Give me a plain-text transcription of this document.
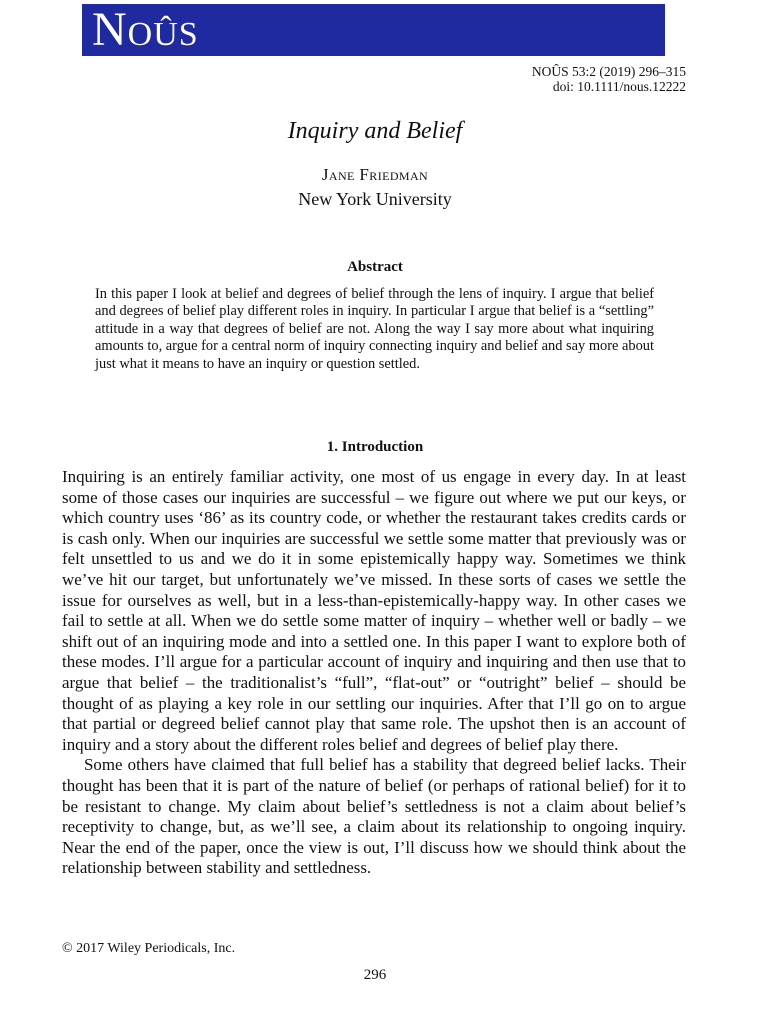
Noûs
NOÛS 53:2 (2019) 296–315
doi: 10.1111/nous.12222
Inquiry and Belief
Jane Friedman
New York University
Abstract
In this paper I look at belief and degrees of belief through the lens of inquiry. I argue that belief and degrees of belief play different roles in inquiry. In particular I argue that belief is a “settling” attitude in a way that degrees of belief are not. Along the way I say more about what inquiring amounts to, argue for a central norm of inquiry connecting inquiry and belief and say more about just what it means to have an inquiry or question settled.
1. Introduction

Inquiring is an entirely familiar activity, one most of us engage in every day. In at least some of those cases our inquiries are successful – we figure out where we put our keys, or which country uses ‘86’ as its country code, or whether the restaurant takes credits cards or is cash only. When our inquiries are successful we settle some matter that previously was or felt unsettled to us and we do it in some epistemically happy way. Sometimes we think we’ve hit our target, but unfortunately we’ve missed. In these sorts of cases we settle the issue for ourselves as well, but in a less-than-epistemically-happy way. In other cases we fail to settle at all. When we do settle some matter of inquiry – whether well or badly – we shift out of an inquiring mode and into a settled one. In this paper I want to explore both of these modes. I’ll argue for a particular account of inquiry and inquiring and then use that to argue that belief – the traditionalist’s “full”, “flat-out” or “outright” belief – should be thought of as playing a key role in our settling our inquiries. After that I’ll go on to argue that partial or degreed belief cannot play that same role. The upshot then is an account of inquiry and a story about the different roles belief and degrees of belief play there.

Some others have claimed that full belief has a stability that degreed belief lacks. Their thought has been that it is part of the nature of belief (or perhaps of rational belief) for it to be resistant to change. My claim about belief’s settledness is not a claim about belief’s receptivity to change, but, as we’ll see, a claim about its relationship to ongoing inquiry. Near the end of the paper, once the view is out, I’ll discuss how we should think about the relationship between stability and settledness.

© 2017 Wiley Periodicals, Inc.
296
